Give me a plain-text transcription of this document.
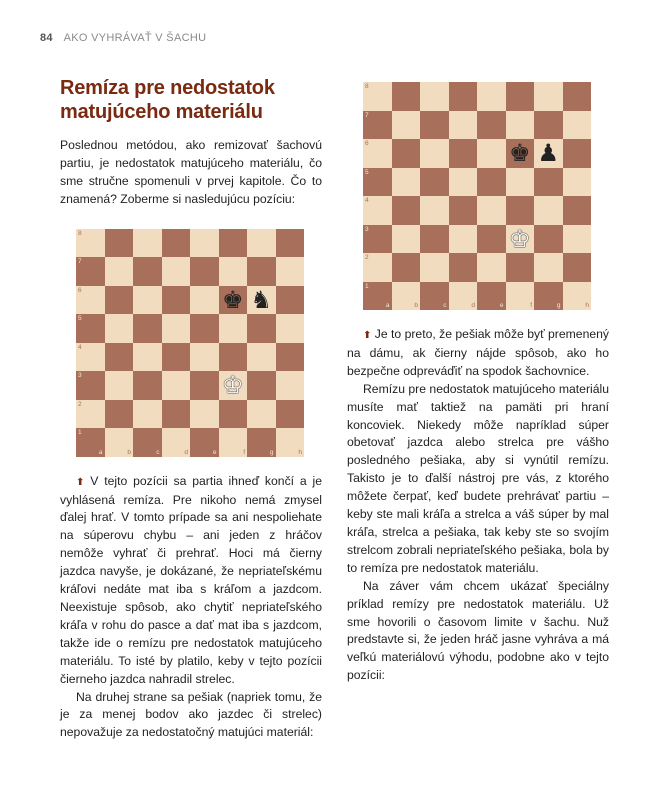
84 AKO VYHRÁVAŤ V ŠACHU
Remíza pre nedostatok matujúceho materiálu

Poslednou metódou, ako remizovať šachovú partiu, je nedostatok matujúceho materiálu, čo sme stručne spomenuli v prvej kapitole. Čo to znamená? Zoberme si nasledujúcu pozíciu:

8
7
6	♚ ♞
5
4
3	♔
2
1
a	b	c	d	e	f	g	h

⬆ V tejto pozícii sa partia ihneď končí a je vyhlásená remíza. Pre nikoho nemá zmysel ďalej hrať. V tomto prípade sa ani nespoliehate na súperovu chybu – ani jeden z hráčov nemôže vyhrať či prehrať. Hoci má čierny jazdca navyše, je dokázané, že nepriateľskému kráľovi nedáte mat iba s kráľom a jazdcom. Neexistuje spôsob, ako chytiť nepriateľského kráľa v rohu do pasce a dať mat iba s jazdcom, takže ide o remízu pre nedostatok matujúceho materiálu. To isté by platilo, keby v tejto pozícii čierneho jazdca nahradil strelec.

Na druhej strane sa pešiak (napriek tomu, že je za menej bodov ako jazdec či strelec) nepovažuje za nedostatočný matujúci materiál:

8
7
6	♚ ♟
5
4
3	♔
2
1
a	b	c	d	e	f	g	h

⬆ Je to preto, že pešiak môže byť premenený na dámu, ak čierny nájde spôsob, ako ho bezpečne odpreváďiť na spodok šachovnice.

Remízu pre nedostatok matujúceho materiálu musíte mať taktiež na pamäti pri hraní koncoviek. Niekedy môže napríklad súper obetovať jazdca alebo strelca pre vášho posledného pešiaka, aby si vynútil remízu. Takisto je to ďalší nástroj pre vás, z ktorého môžete čerpať, keď budete prehrávať partiu – keby ste mali kráľa a strelca a váš súper by mal kráľa, strelca a pešiaka, tak keby ste so svojím strelcom zobrali nepriateľského pešiaka, bola by to remíza pre nedostatok materiálu.

Na záver vám chcem ukázať špeciálny príklad remízy pre nedostatok materiálu. Už sme hovorili o časovom limite v šachu. Nuž predstavte si, že jeden hráč jasne vyhráva a má veľkú materiálovú výhodu, podobne ako v tejto pozícii:
